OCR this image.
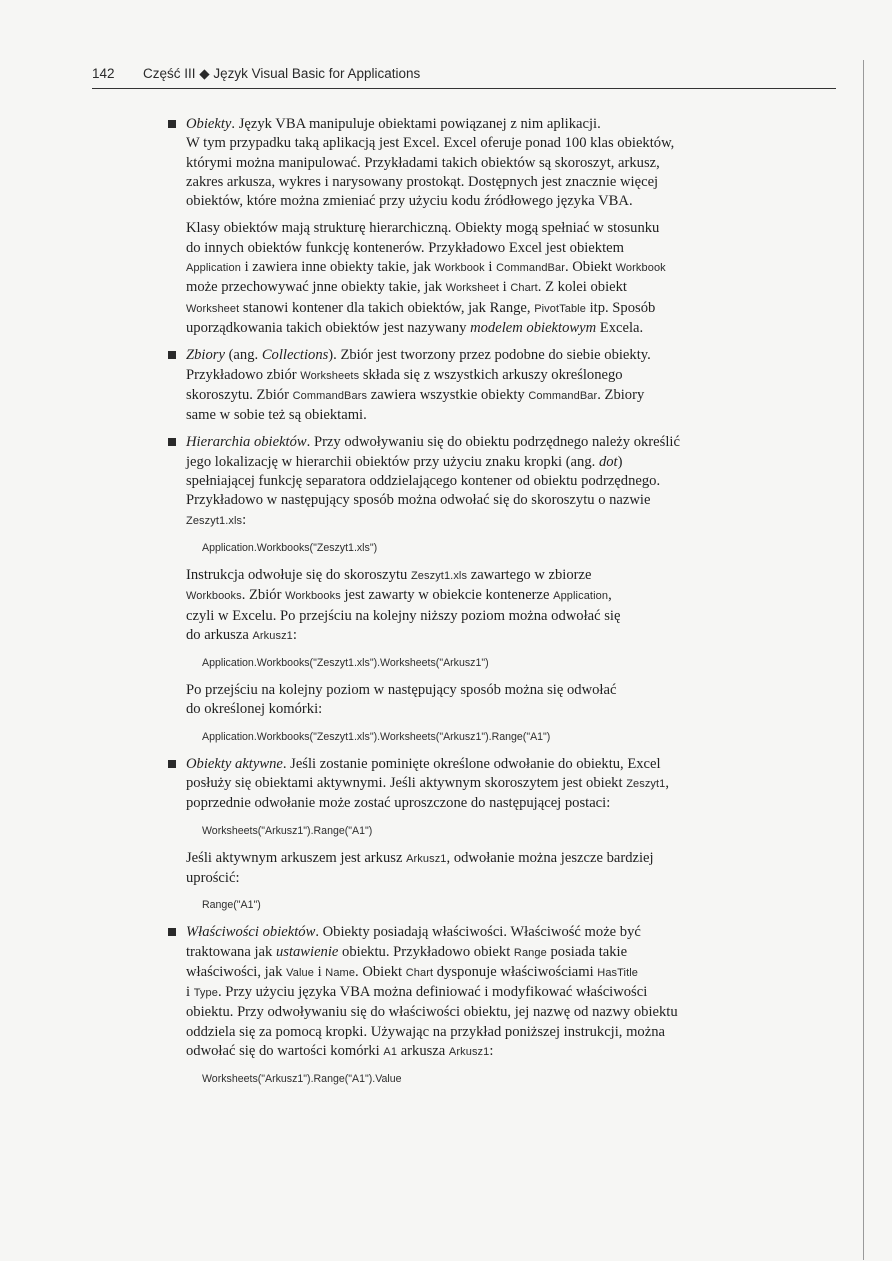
142 Część III ◆ Język Visual Basic for Applications
Obiekty. Język VBA manipuluje obiektami powiązanej z nim aplikacji.
W tym przypadku taką aplikacją jest Excel. Excel oferuje ponad 100 klas obiektów,
którymi można manipulować. Przykładami takich obiektów są skoroszyt, arkusz,
zakres arkusza, wykres i narysowany prostokąt. Dostępnych jest znacznie więcej
obiektów, które można zmieniać przy użyciu kodu źródłowego języka VBA.
Klasy obiektów mają strukturę hierarchiczną. Obiekty mogą spełniać w stosunku
do innych obiektów funkcję kontenerów. Przykładowo Excel jest obiektem
Application i zawiera inne obiekty takie, jak Workbook i CommandBar. Obiekt Workbook
może przechowywać jnne obiekty takie, jak Worksheet i Chart. Z kolei obiekt
Worksheet stanowi kontener dla takich obiektów, jak Range, PivotTable itp. Sposób
uporządkowania takich obiektów jest nazywany modelem obiektowym Excela.
Zbiory (ang. Collections). Zbiór jest tworzony przez podobne do siebie obiekty.
Przykładowo zbiór Worksheets składa się z wszystkich arkuszy określonego
skoroszytu. Zbiór CommandBars zawiera wszystkie obiekty CommandBar. Zbiory
same w sobie też są obiektami.
Hierarchia obiektów. Przy odwoływaniu się do obiektu podrzędnego należy określić
jego lokalizację w hierarchii obiektów przy użyciu znaku kropki (ang. dot)
spełniającej funkcję separatora oddzielającego kontener od obiektu podrzędnego.
Przykładowo w następujący sposób można odwołać się do skoroszytu o nazwie
Zeszyt1.xls:
Application.Workbooks("Zeszyt1.xls")
Instrukcja odwołuje się do skoroszytu Zeszyt1.xls zawartego w zbiorze
Workbooks. Zbiór Workbooks jest zawarty w obiekcie kontenerze Application,
czyli w Excelu. Po przejściu na kolejny niższy poziom można odwołać się
do arkusza Arkusz1:
Application.Workbooks("Zeszyt1.xls").Worksheets("Arkusz1")
Po przejściu na kolejny poziom w następujący sposób można się odwołać
do określonej komórki:
Application.Workbooks("Zeszyt1.xls").Worksheets("Arkusz1").Range("A1")
Obiekty aktywne. Jeśli zostanie pominięte określone odwołanie do obiektu, Excel
posłuży się obiektami aktywnymi. Jeśli aktywnym skoroszytem jest obiekt Zeszyt1,
poprzednie odwołanie może zostać uproszczone do następującej postaci:
Worksheets("Arkusz1").Range("A1")
Jeśli aktywnym arkuszem jest arkusz Arkusz1, odwołanie można jeszcze bardziej
uprościć:
Range("A1")
Właściwości obiektów. Obiekty posiadają właściwości. Właściwość może być
traktowana jak ustawienie obiektu. Przykładowo obiekt Range posiada takie
właściwości, jak Value i Name. Obiekt Chart dysponuje właściwościami HasTitle
i Type. Przy użyciu języka VBA można definiować i modyfikować właściwości
obiektu. Przy odwoływaniu się do właściwości obiektu, jej nazwę od nazwy obiektu
oddziela się za pomocą kropki. Używając na przykład poniższej instrukcji, można
odwołać się do wartości komórki A1 arkusza Arkusz1:
Worksheets("Arkusz1").Range("A1").Value
